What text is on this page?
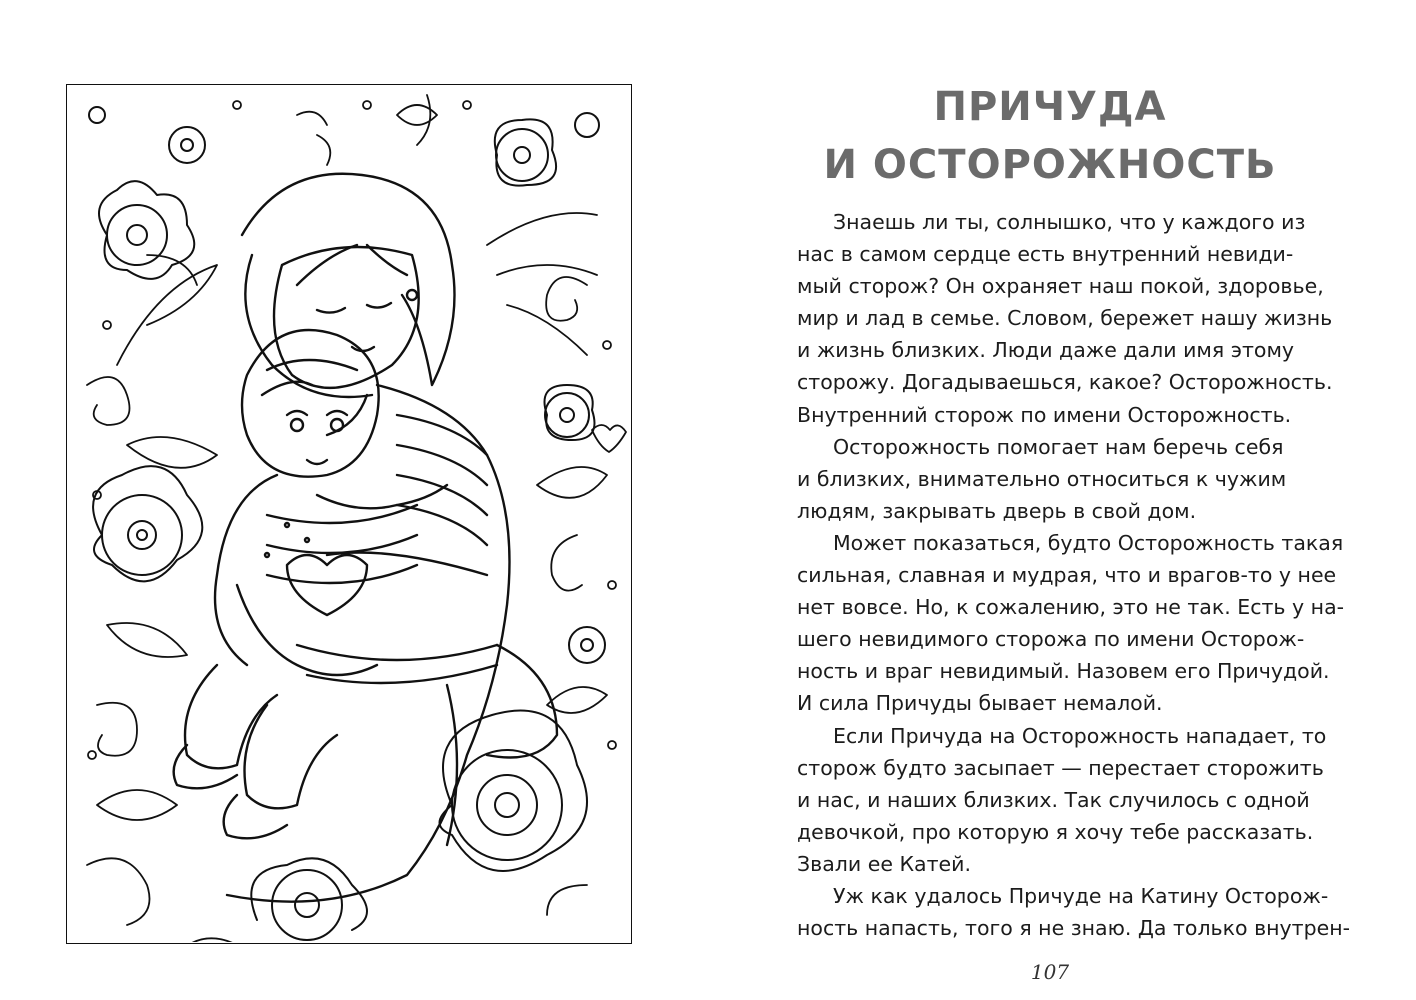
ПРИЧУДА
И ОСТОРОЖНОСТЬ
Знаешь ли ты, солнышко, что у каждого из
нас в самом сердце есть внутренний невиди-
мый сторож? Он охраняет наш покой, здоровье,
мир и лад в семье. Словом, бережет нашу жизнь
и жизнь близких. Люди даже дали имя этому
сторожу. Догадываешься, какое? Осторожность.
Внутренний сторож по имени Осторожность.
Осторожность помогает нам беречь себя
и близких, внимательно относиться к чужим
людям, закрывать дверь в свой дом.
Может показаться, будто Осторожность такая
сильная, славная и мудрая, что и врагов-то у нее
нет вовсе. Но, к сожалению, это не так. Есть у на-
шего невидимого сторожа по имени Осторож-
ность и враг невидимый. Назовем его Причудой.
И сила Причуды бывает немалой.
Если Причуда на Осторожность нападает, то
сторож будто засыпает — перестает сторожить
и нас, и наших близких. Так случилось с одной
девочкой, про которую я хочу тебе рассказать.
Звали ее Катей.
Уж как удалось Причуде на Катину Осторож-
ность напасть, того я не знаю. Да только внутрен-
107
